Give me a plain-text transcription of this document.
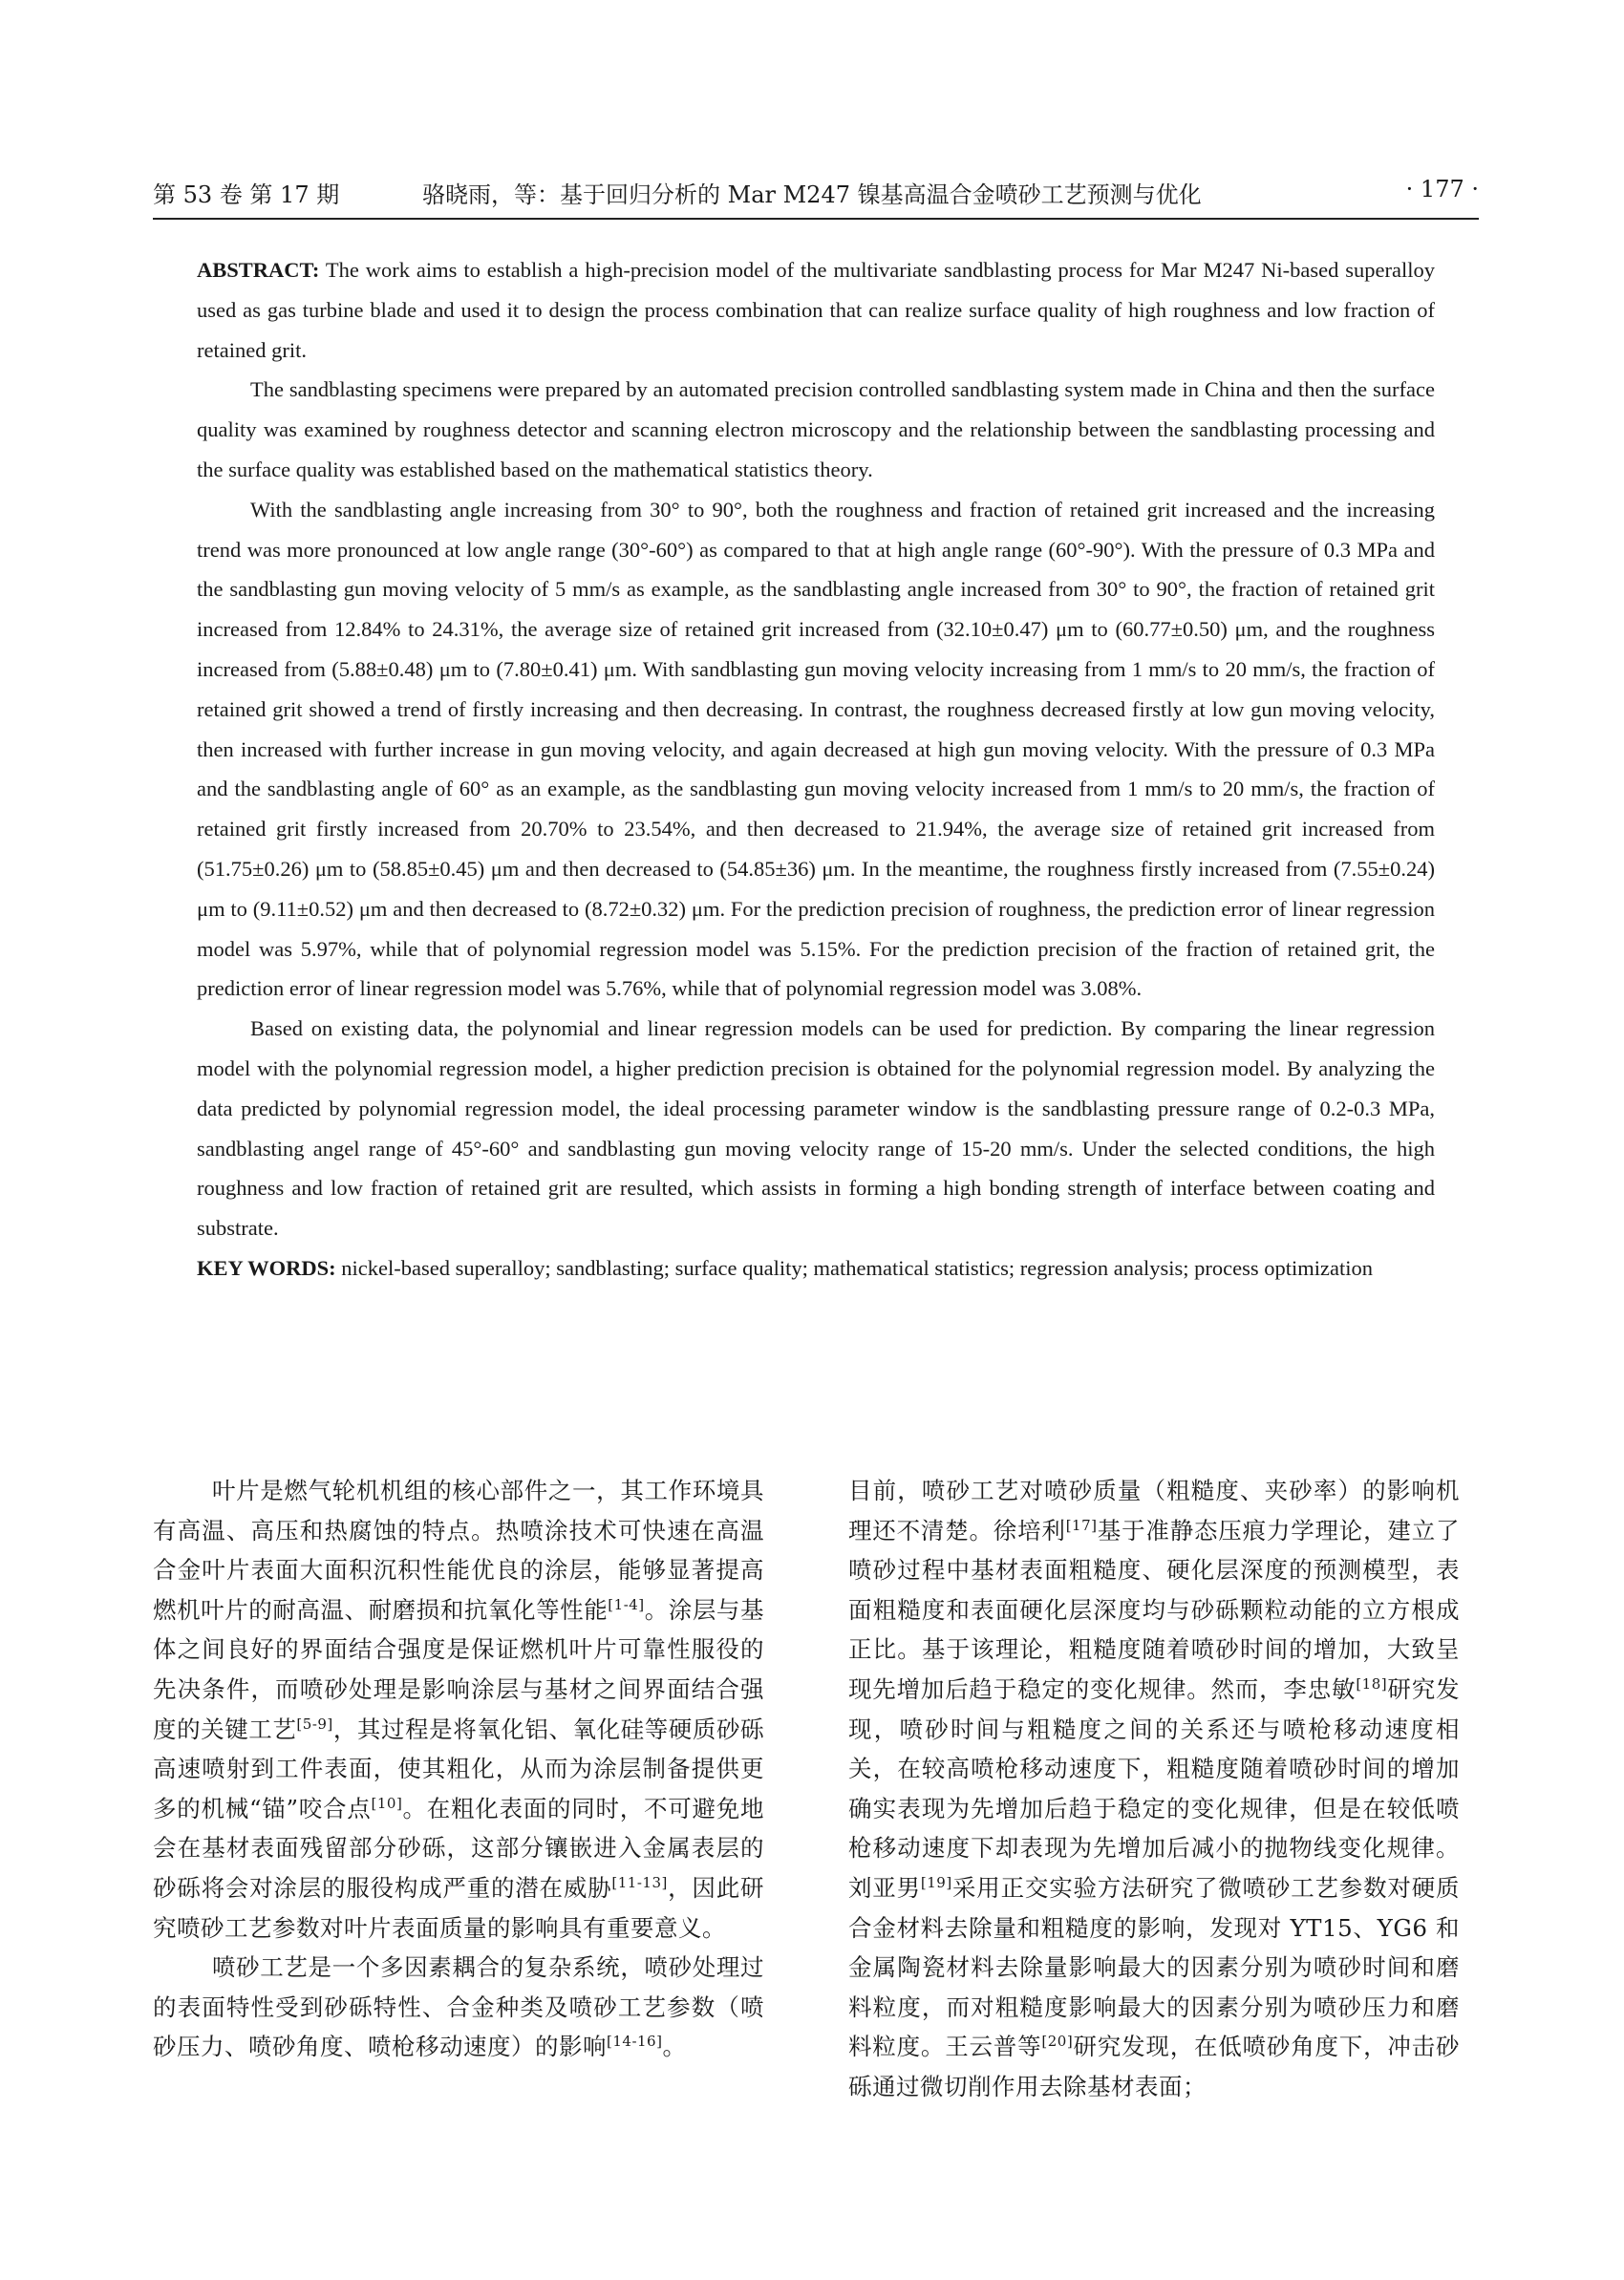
第 53 卷 第 17 期	骆晓雨，等：基于回归分析的 Mar M247 镍基高温合金喷砂工艺预测与优化	· 177 ·

ABSTRACT: The work aims to establish a high-precision model of the multivariate sandblasting process for Mar M247 Ni-based superalloy used as gas turbine blade and used it to design the process combination that can realize surface quality of high roughness and low fraction of retained grit.

The sandblasting specimens were prepared by an automated precision controlled sandblasting system made in China and then the surface quality was examined by roughness detector and scanning electron microscopy and the relationship between the sandblasting processing and the surface quality was established based on the mathematical statistics theory.

With the sandblasting angle increasing from 30° to 90°, both the roughness and fraction of retained grit increased and the increasing trend was more pronounced at low angle range (30°-60°) as compared to that at high angle range (60°-90°). With the pressure of 0.3 MPa and the sandblasting gun moving velocity of 5 mm/s as example, as the sandblasting angle increased from 30° to 90°, the fraction of retained grit increased from 12.84% to 24.31%, the average size of retained grit increased from (32.10±0.47) μm to (60.77±0.50) μm, and the roughness increased from (5.88±0.48) μm to (7.80±0.41) μm. With sandblasting gun moving velocity increasing from 1 mm/s to 20 mm/s, the fraction of retained grit showed a trend of firstly increasing and then decreasing. In contrast, the roughness decreased firstly at low gun moving velocity, then increased with further increase in gun moving velocity, and again decreased at high gun moving velocity. With the pressure of 0.3 MPa and the sandblasting angle of 60° as an example, as the sandblasting gun moving velocity increased from 1 mm/s to 20 mm/s, the fraction of retained grit firstly increased from 20.70% to 23.54%, and then decreased to 21.94%, the average size of retained grit increased from (51.75±0.26) μm to (58.85±0.45) μm and then decreased to (54.85±36) μm. In the meantime, the roughness firstly increased from (7.55±0.24) μm to (9.11±0.52) μm and then decreased to (8.72±0.32) μm. For the prediction precision of roughness, the prediction error of linear regression model was 5.97%, while that of polynomial regression model was 5.15%. For the prediction precision of the fraction of retained grit, the prediction error of linear regression model was 5.76%, while that of polynomial regression model was 3.08%.

Based on existing data, the polynomial and linear regression models can be used for prediction. By comparing the linear regression model with the polynomial regression model, a higher prediction precision is obtained for the polynomial regression model. By analyzing the data predicted by polynomial regression model, the ideal processing parameter window is the sandblasting pressure range of 0.2-0.3 MPa, sandblasting angel range of 45°-60° and sandblasting gun moving velocity range of 15-20 mm/s. Under the selected conditions, the high roughness and low fraction of retained grit are resulted, which assists in forming a high bonding strength of interface between coating and substrate.

KEY WORDS: nickel-based superalloy; sandblasting; surface quality; mathematical statistics; regression analysis; process optimization

叶片是燃气轮机机组的核心部件之一，其工作环境具有高温、高压和热腐蚀的特点。热喷涂技术可快速在高温合金叶片表面大面积沉积性能优良的涂层，能够显著提高燃机叶片的耐高温、耐磨损和抗氧化等性能[1-4]。涂层与基体之间良好的界面结合强度是保证燃机叶片可靠性服役的先决条件，而喷砂处理是影响涂层与基材之间界面结合强度的关键工艺[5-9]，其过程是将氧化铝、氧化硅等硬质砂砾高速喷射到工件表面，使其粗化，从而为涂层制备提供更多的机械“锚”咬合点[10]。在粗化表面的同时，不可避免地会在基材表面残留部分砂砾，这部分镶嵌进入金属表层的砂砾将会对涂层的服役构成严重的潜在威胁[11-13]，因此研究喷砂工艺参数对叶片表面质量的影响具有重要意义。

喷砂工艺是一个多因素耦合的复杂系统，喷砂处理过的表面特性受到砂砾特性、合金种类及喷砂工艺参数（喷砂压力、喷砂角度、喷枪移动速度）的影响[14-16]。

目前，喷砂工艺对喷砂质量（粗糙度、夹砂率）的影响机理还不清楚。徐培利[17]基于准静态压痕力学理论，建立了喷砂过程中基材表面粗糙度、硬化层深度的预测模型，表面粗糙度和表面硬化层深度均与砂砾颗粒动能的立方根成正比。基于该理论，粗糙度随着喷砂时间的增加，大致呈现先增加后趋于稳定的变化规律。然而，李忠敏[18]研究发现，喷砂时间与粗糙度之间的关系还与喷枪移动速度相关，在较高喷枪移动速度下，粗糙度随着喷砂时间的增加确实表现为先增加后趋于稳定的变化规律，但是在较低喷枪移动速度下却表现为先增加后减小的抛物线变化规律。刘亚男[19]采用正交实验方法研究了微喷砂工艺参数对硬质合金材料去除量和粗糙度的影响，发现对 YT15、YG6 和金属陶瓷材料去除量影响最大的因素分别为喷砂时间和磨料粒度，而对粗糙度影响最大的因素分别为喷砂压力和磨料粒度。王云普等[20]研究发现，在低喷砂角度下，冲击砂砾通过微切削作用去除基材表面；
